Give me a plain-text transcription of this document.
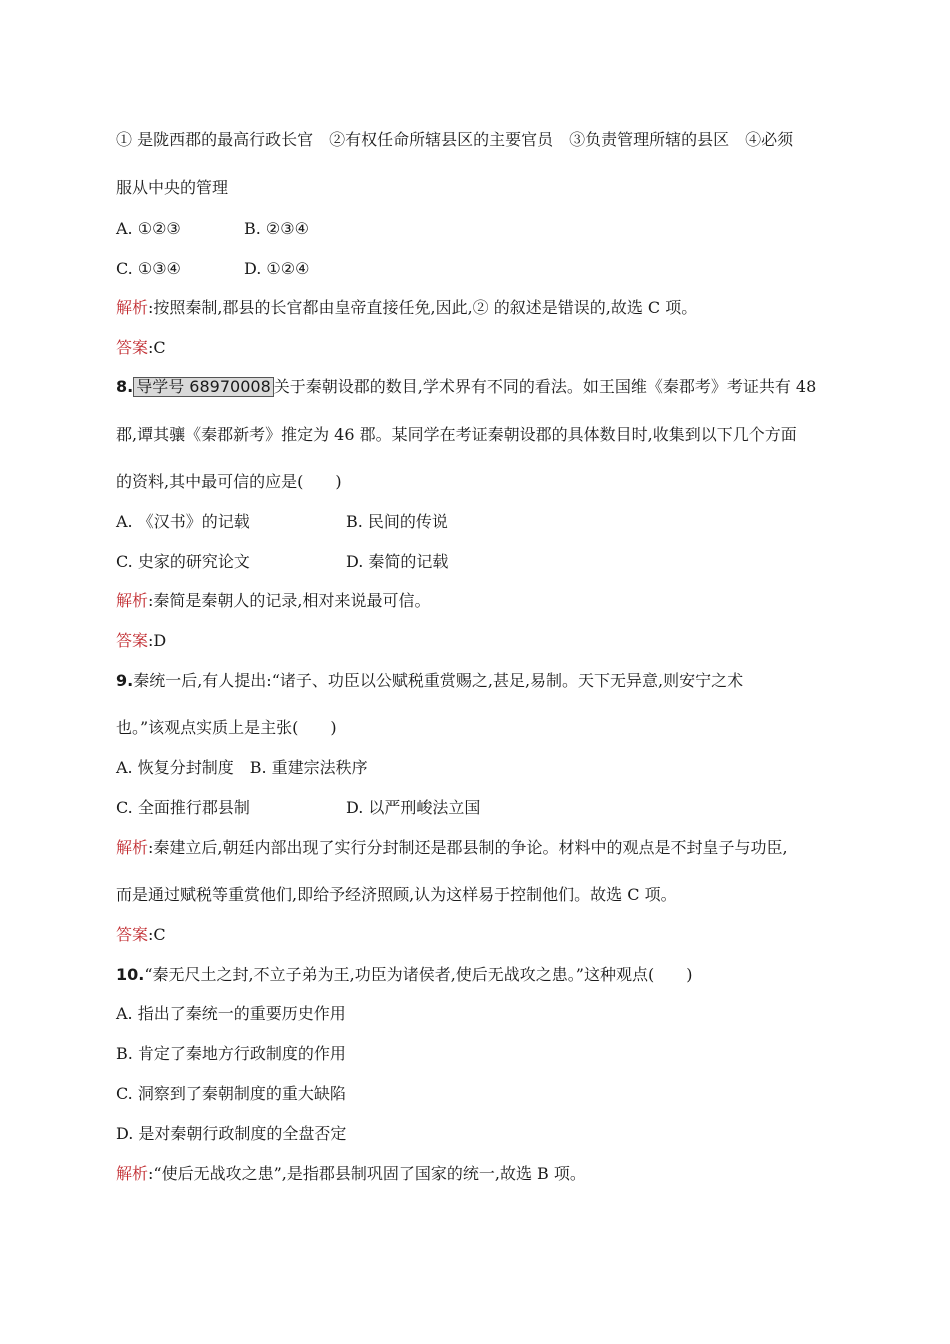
① 是陇西郡的最高行政长官　②有权任命所辖县区的主要官员　③负责管理所辖的县区　④必须
服从中央的管理
A. ①②③	B. ②③④
C. ①③④	D. ①②④
解析:按照秦制,郡县的长官都由皇帝直接任免,因此,② 的叙述是错误的,故选 C 项。
答案:C
8. 导学号 68970008 关于秦朝设郡的数目,学术界有不同的看法。如王国维《秦郡考》考证共有 48
郡,谭其骧《秦郡新考》推定为 46 郡。某同学在考证秦朝设郡的具体数目时,收集到以下几个方面
的资料,其中最可信的应是(　　)
A. 《汉书》的记载	B. 民间的传说
C. 史家的研究论文	D. 秦简的记载
解析:秦简是秦朝人的记录,相对来说最可信。
答案:D
9.秦统一后,有人提出:“诸子、功臣以公赋税重赏赐之,甚足,易制。天下无异意,则安宁之术
也。”该观点实质上是主张(　　)
A. 恢复分封制度　B. 重建宗法秩序
C. 全面推行郡县制	D. 以严刑峻法立国
解析:秦建立后,朝廷内部出现了实行分封制还是郡县制的争论。材料中的观点是不封皇子与功臣,
而是通过赋税等重赏他们,即给予经济照顾,认为这样易于控制他们。故选 C 项。
答案:C
10.“秦无尺土之封,不立子弟为王,功臣为诸侯者,使后无战攻之患。”这种观点(　　)
A. 指出了秦统一的重要历史作用
B. 肯定了秦地方行政制度的作用
C. 洞察到了秦朝制度的重大缺陷
D. 是对秦朝行政制度的全盘否定
解析:“使后无战攻之患”,是指郡县制巩固了国家的统一,故选 B 项。
